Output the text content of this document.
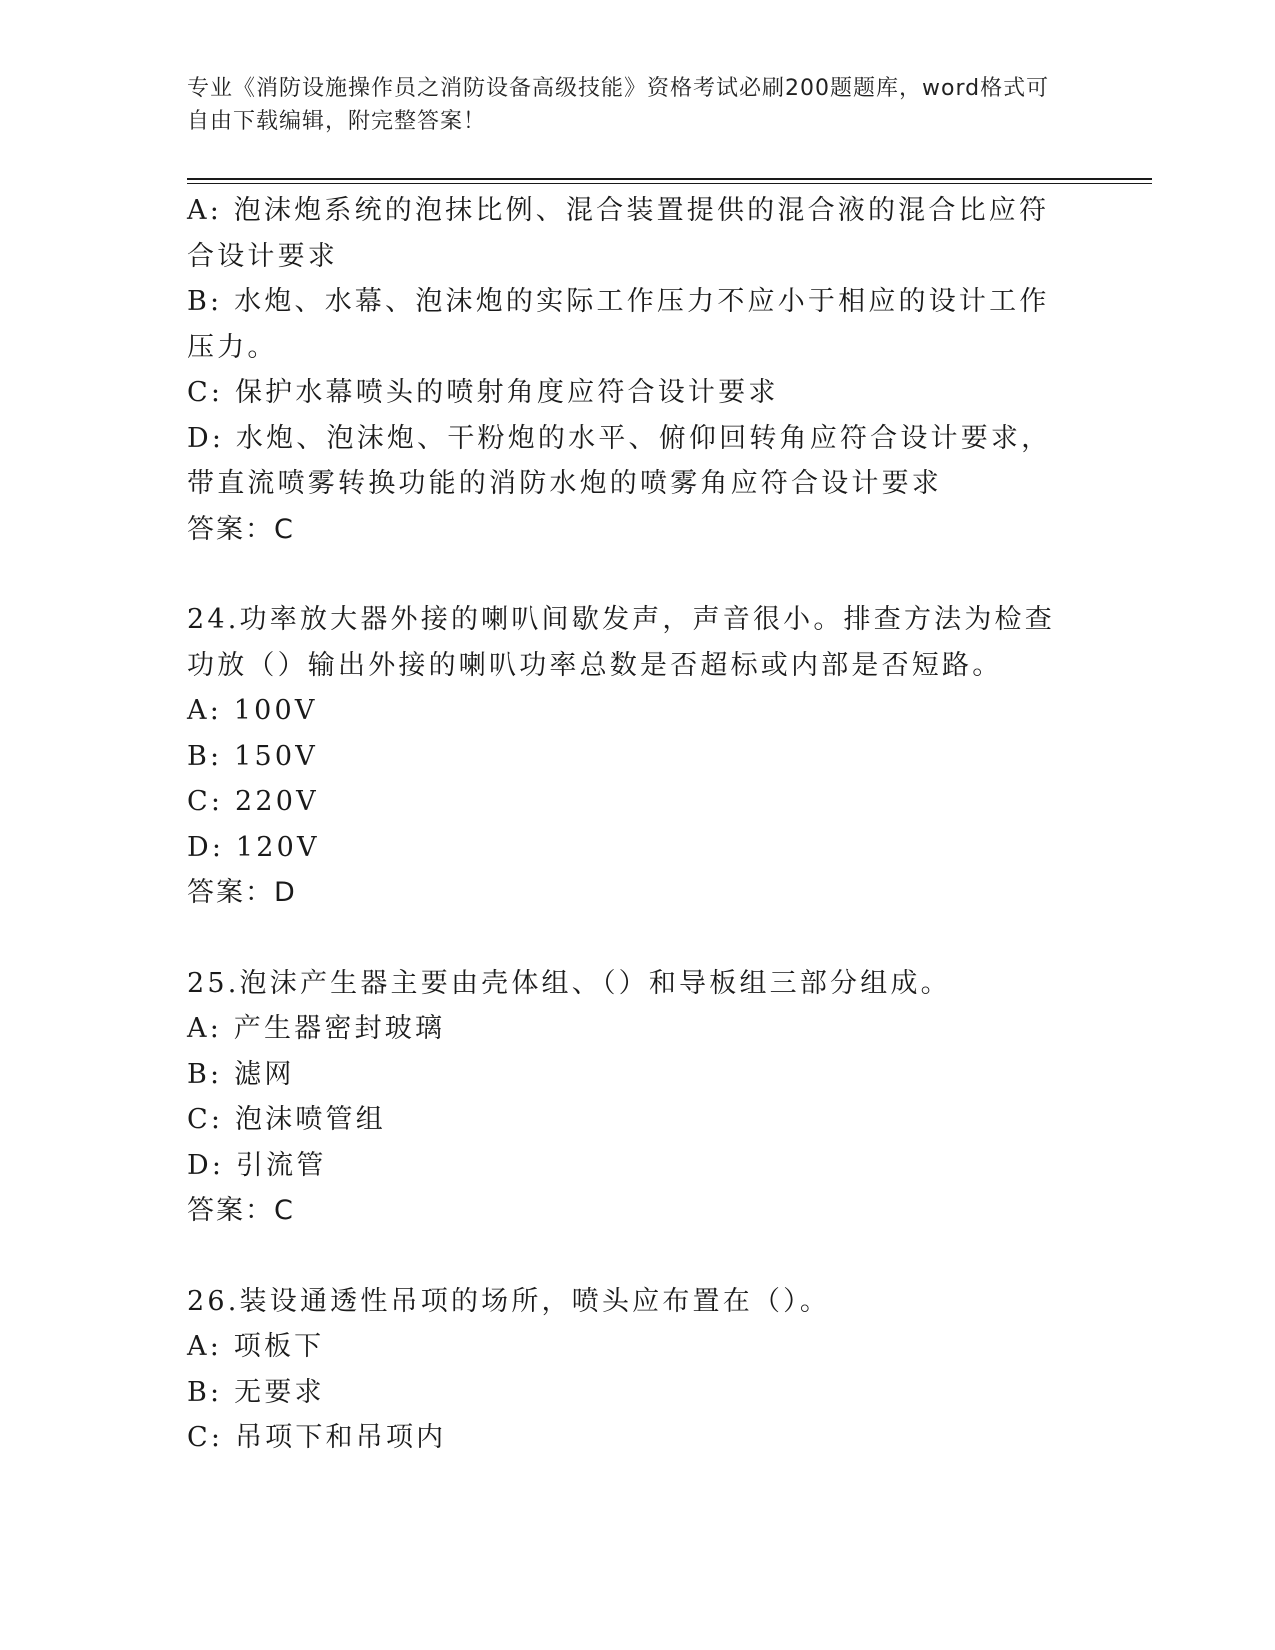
专业《消防设施操作员之消防设备高级技能》资格考试必刷200题题库，word格式可自由下载编辑，附完整答案！
A: 泡沫炮系统的泡抹比例、混合装置提供的混合液的混合比应符合设计要求
B: 水炮、水幕、泡沫炮的实际工作压力不应小于相应的设计工作压力。
C: 保护水幕喷头的喷射角度应符合设计要求
D: 水炮、泡沫炮、干粉炮的水平、俯仰回转角应符合设计要求，带直流喷雾转换功能的消防水炮的喷雾角应符合设计要求
答案：C
24.功率放大器外接的喇叭间歇发声，声音很小。排查方法为检查功放（）输出外接的喇叭功率总数是否超标或内部是否短路。
A: 100V
B: 150V
C: 220V
D: 120V
答案：D
25.泡沫产生器主要由壳体组、（）和导板组三部分组成。
A: 产生器密封玻璃
B: 滤网
C: 泡沫喷管组
D: 引流管
答案：C
26.装设通透性吊项的场所，喷头应布置在（）。
A: 项板下
B: 无要求
C: 吊项下和吊项内
